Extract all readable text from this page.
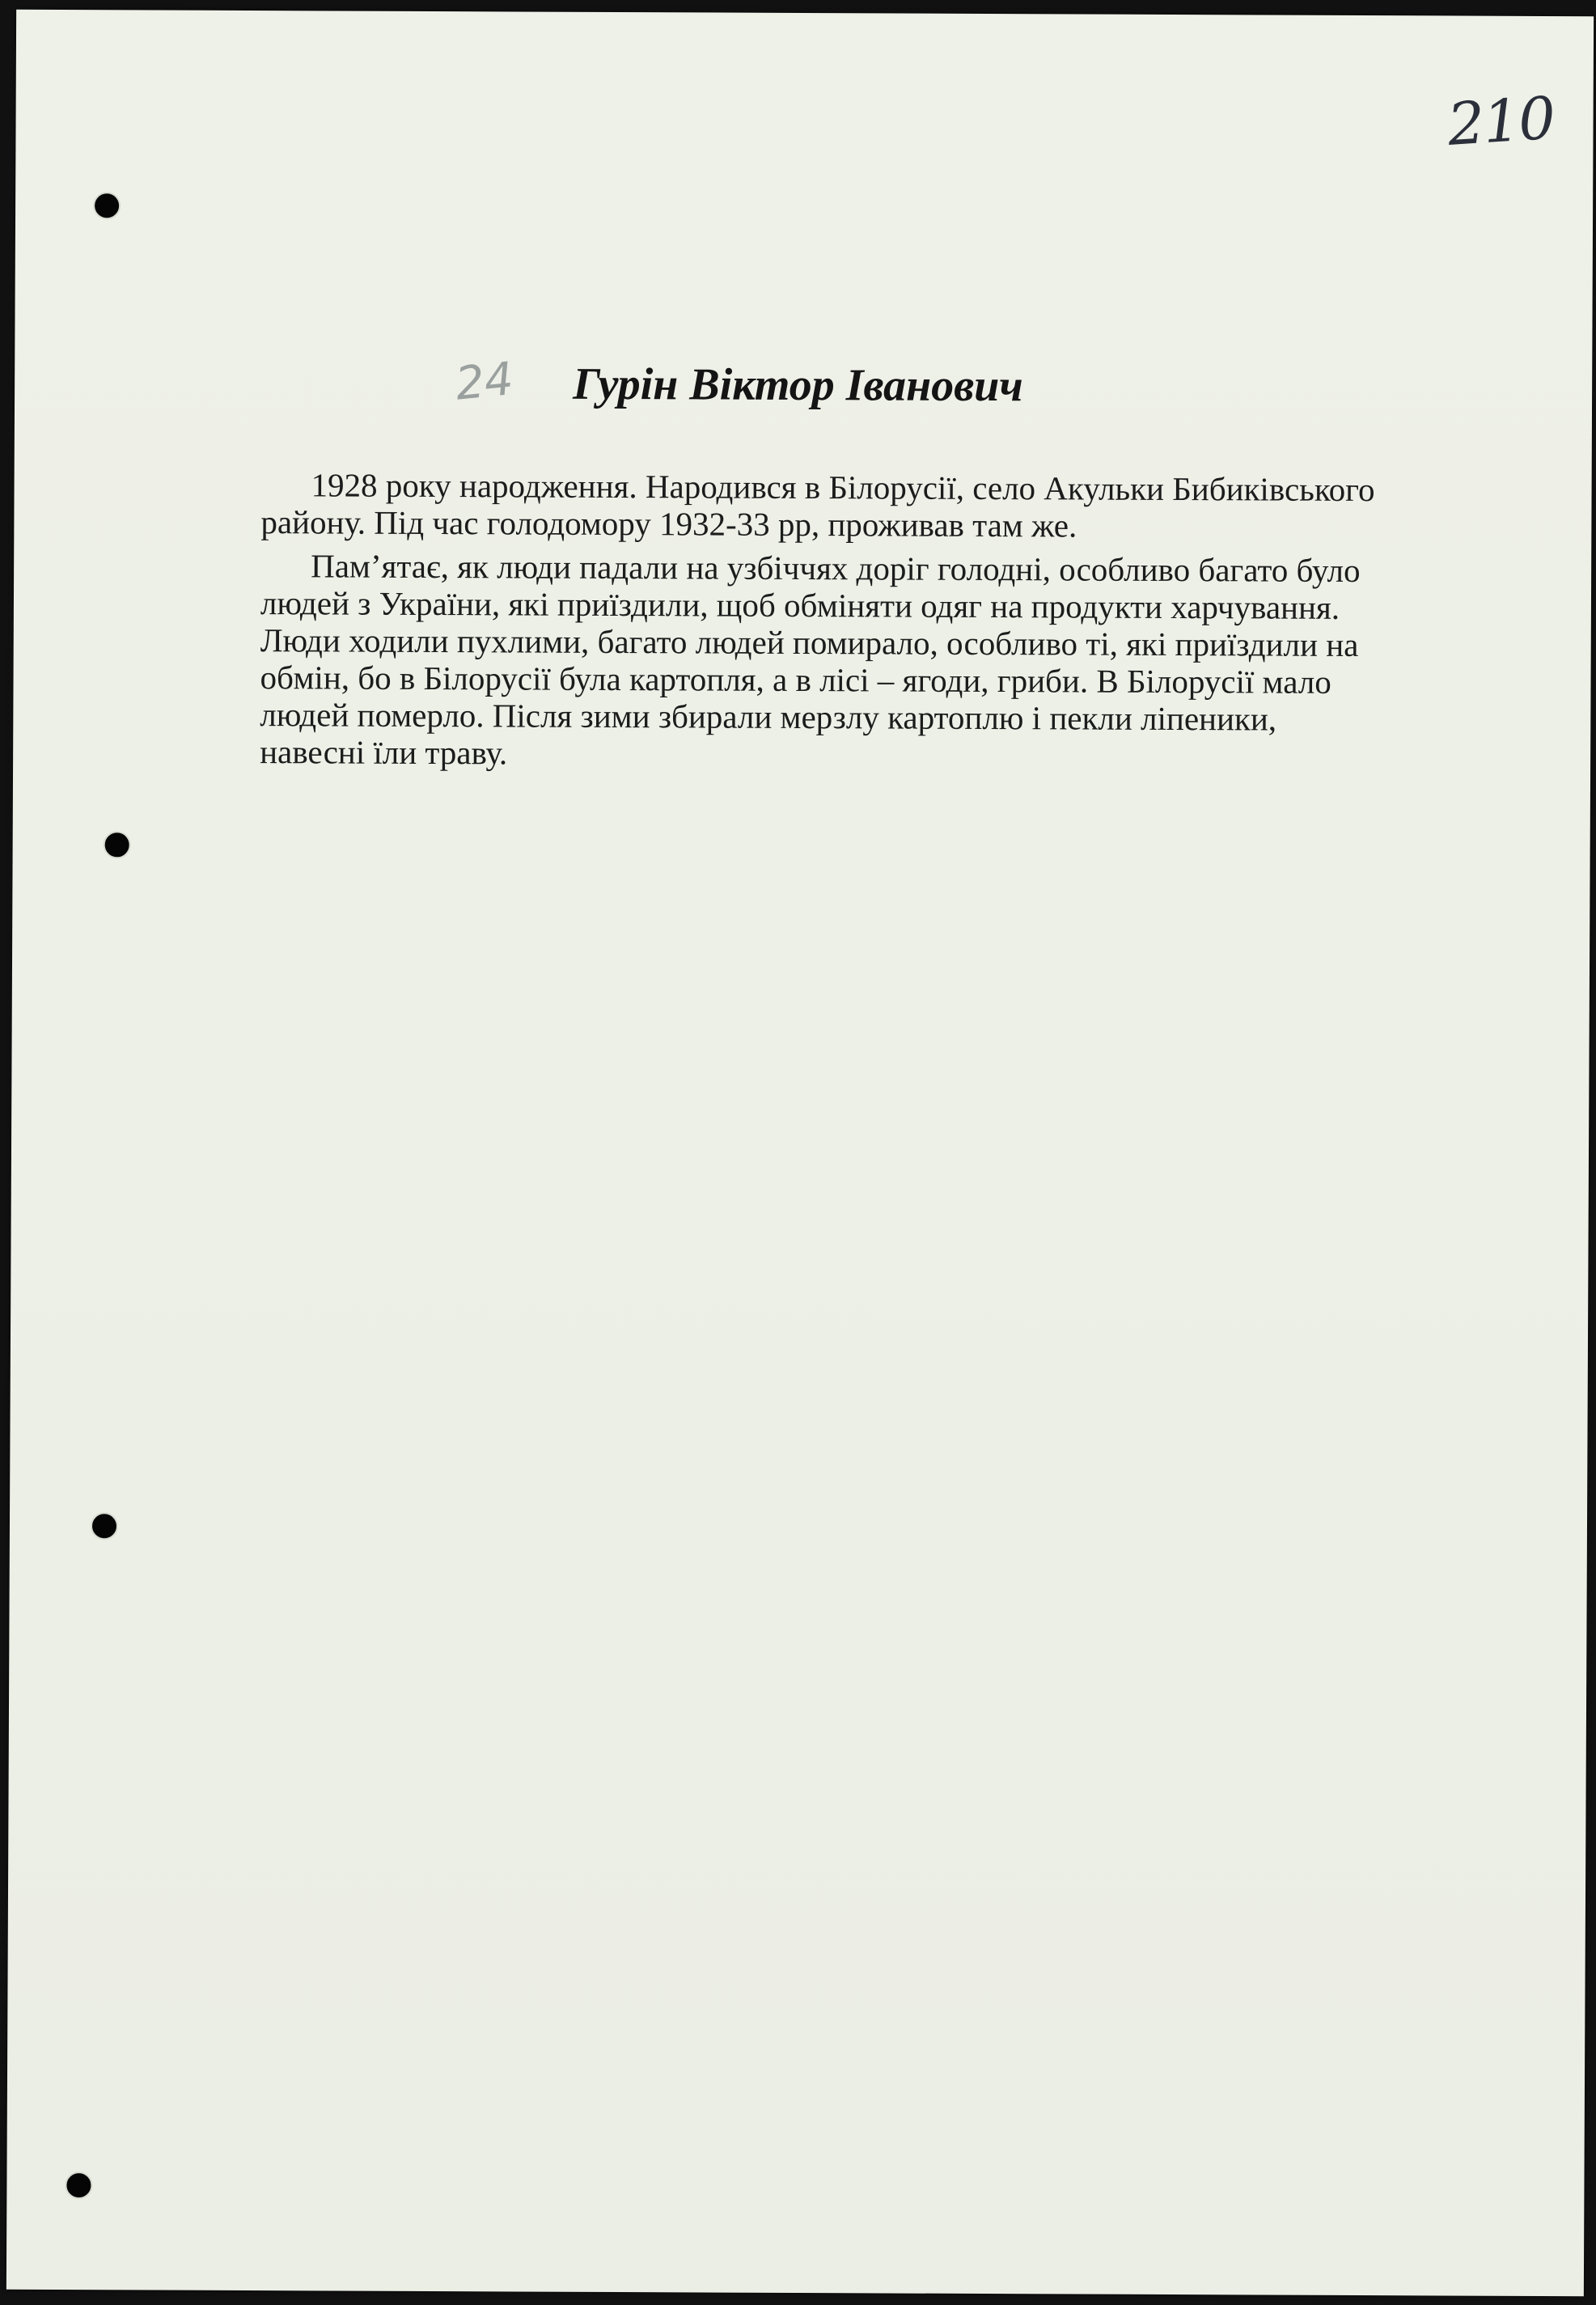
210
24 Гурін Віктор Іванович

1928 року народження. Народився в Білорусії, село Акульки Бибиківського району. Під час голодомору 1932-33 рр, проживав там же.

Пам’ятає, як люди падали на узбіччях доріг голодні, особливо багато було людей з України, які приїздили, щоб обміняти одяг на продукти харчування. Люди ходили пухлими, багато людей помирало, особливо ті, які приїздили на обмін, бо в Білорусії була картопля, а в лісі – ягоди, гриби. В Білорусії мало людей померло. Після зими збирали мерзлу картоплю і пекли ліпеники, навесні їли траву.
